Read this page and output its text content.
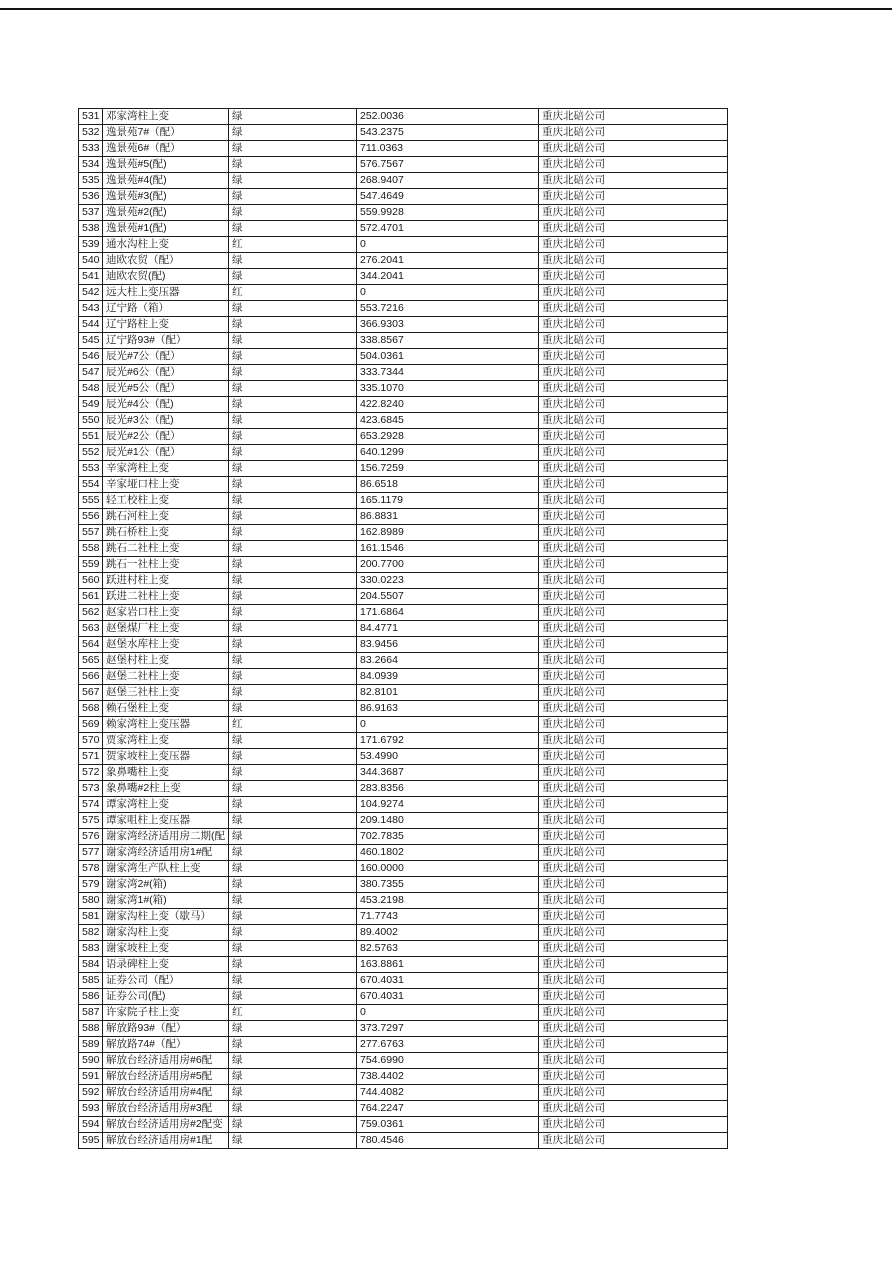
531	邓家湾柱上变	绿	252.0036	重庆北碚公司
532	逸景苑7#（配）	绿	543.2375	重庆北碚公司
533	逸景苑6#（配）	绿	711.0363	重庆北碚公司
534	逸景苑#5(配)	绿	576.7567	重庆北碚公司
535	逸景苑#4(配)	绿	268.9407	重庆北碚公司
536	逸景苑#3(配)	绿	547.4649	重庆北碚公司
537	逸景苑#2(配)	绿	559.9928	重庆北碚公司
538	逸景苑#1(配)	绿	572.4701	重庆北碚公司
539	通水沟柱上变	红	0	重庆北碚公司
540	迪欧农贸（配）	绿	276.2041	重庆北碚公司
541	迪欧农贸(配)	绿	344.2041	重庆北碚公司
542	远大柱上变压器	红	0	重庆北碚公司
543	辽宁路（箱）	绿	553.7216	重庆北碚公司
544	辽宁路柱上变	绿	366.9303	重庆北碚公司
545	辽宁路93#（配）	绿	338.8567	重庆北碚公司
546	辰光#7公（配）	绿	504.0361	重庆北碚公司
547	辰光#6公（配）	绿	333.7344	重庆北碚公司
548	辰光#5公（配）	绿	335.1070	重庆北碚公司
549	辰光#4公（配)	绿	422.8240	重庆北碚公司
550	辰光#3公（配)	绿	423.6845	重庆北碚公司
551	辰光#2公（配）	绿	653.2928	重庆北碚公司
552	辰光#1公（配）	绿	640.1299	重庆北碚公司
553	辛家湾柱上变	绿	156.7259	重庆北碚公司
554	辛家垭口柱上变	绿	86.6518	重庆北碚公司
555	轻工校柱上变	绿	165.1179	重庆北碚公司
556	跳石河柱上变	绿	86.8831	重庆北碚公司
557	跳石桥柱上变	绿	162.8989	重庆北碚公司
558	跳石二社柱上变	绿	161.1546	重庆北碚公司
559	跳石一社柱上变	绿	200.7700	重庆北碚公司
560	跃进村柱上变	绿	330.0223	重庆北碚公司
561	跃进二社柱上变	绿	204.5507	重庆北碚公司
562	赵家岩口柱上变	绿	171.6864	重庆北碚公司
563	赵堡煤厂柱上变	绿	84.4771	重庆北碚公司
564	赵堡水库柱上变	绿	83.9456	重庆北碚公司
565	赵堡村柱上变	绿	83.2664	重庆北碚公司
566	赵堡二社柱上变	绿	84.0939	重庆北碚公司
567	赵堡三社柱上变	绿	82.8101	重庆北碚公司
568	赖石堡柱上变	绿	86.9163	重庆北碚公司
569	赖家湾柱上变压器	红	0	重庆北碚公司
570	贾家湾柱上变	绿	171.6792	重庆北碚公司
571	贺家坡柱上变压器	绿	53.4990	重庆北碚公司
572	象鼻嘴柱上变	绿	344.3687	重庆北碚公司
573	象鼻嘴#2柱上变	绿	283.8356	重庆北碚公司
574	谭家湾柱上变	绿	104.9274	重庆北碚公司
575	谭家咀柱上变压器	绿	209.1480	重庆北碚公司
576	谢家湾经济适用房二期(配	绿	702.7835	重庆北碚公司
577	谢家湾经济适用房1#配	绿	460.1802	重庆北碚公司
578	谢家湾生产队柱上变	绿	160.0000	重庆北碚公司
579	谢家湾2#(箱)	绿	380.7355	重庆北碚公司
580	谢家湾1#(箱)	绿	453.2198	重庆北碚公司
581	谢家沟柱上变（歇马）	绿	71.7743	重庆北碚公司
582	谢家沟柱上变	绿	89.4002	重庆北碚公司
583	谢家坡柱上变	绿	82.5763	重庆北碚公司
584	语录碑柱上变	绿	163.8861	重庆北碚公司
585	证券公司（配）	绿	670.4031	重庆北碚公司
586	证券公司(配)	绿	670.4031	重庆北碚公司
587	许家院子柱上变	红	0	重庆北碚公司
588	解放路93#（配）	绿	373.7297	重庆北碚公司
589	解放路74#（配）	绿	277.6763	重庆北碚公司
590	解放台经济适用房#6配	绿	754.6990	重庆北碚公司
591	解放台经济适用房#5配	绿	738.4402	重庆北碚公司
592	解放台经济适用房#4配	绿	744.4082	重庆北碚公司
593	解放台经济适用房#3配	绿	764.2247	重庆北碚公司
594	解放台经济适用房#2配变	绿	759.0361	重庆北碚公司
595	解放台经济适用房#1配	绿	780.4546	重庆北碚公司
